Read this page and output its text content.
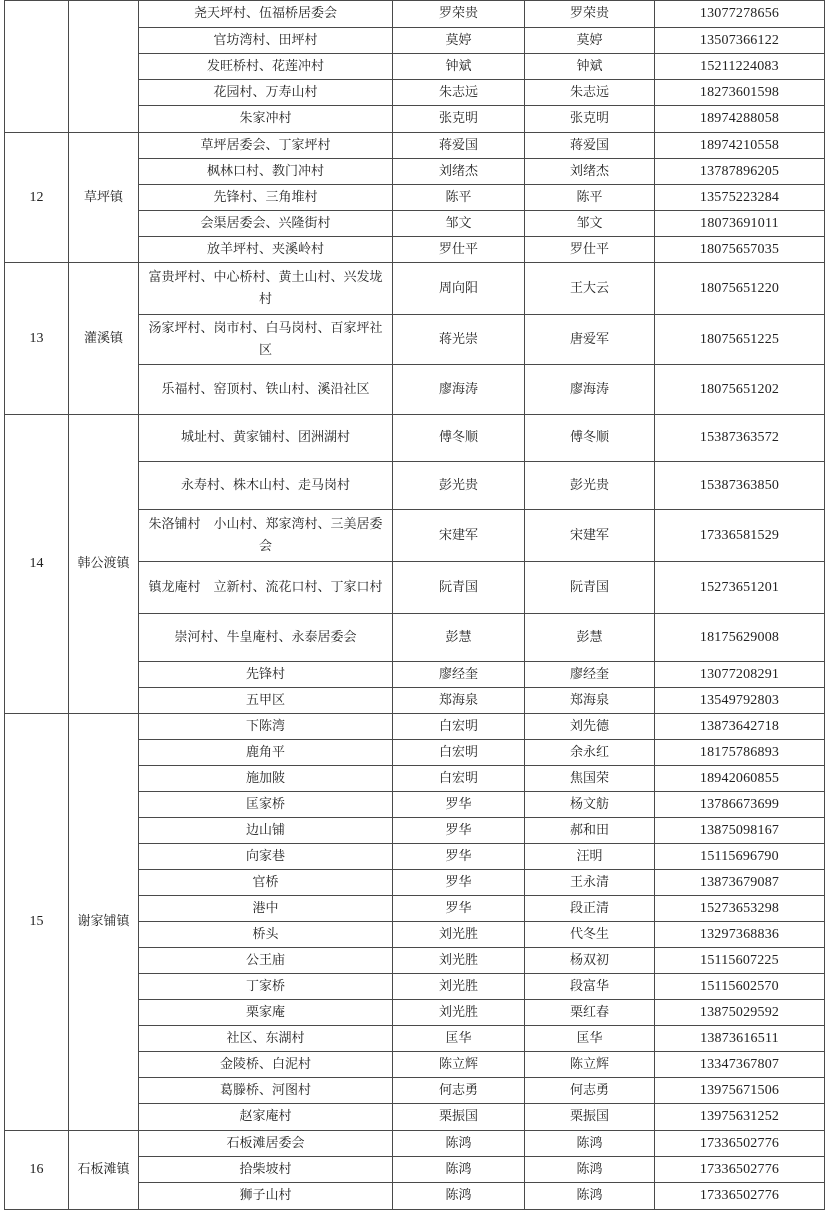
		尧天坪村、伍福桥居委会	罗荣贵	罗荣贵	13077278656
		官坊湾村、田坪村	莫婷	莫婷	13507366122
		发旺桥村、花莲冲村	钟斌	钟斌	15211224083
		花园村、万寿山村	朱志远	朱志远	18273601598
		朱家冲村	张克明	张克明	18974288058
12	草坪镇	草坪居委会、丁家坪村	蒋爱国	蒋爱国	18974210558
		枫林口村、教门冲村	刘绪杰	刘绪杰	13787896205
		先锋村、三角堆村	陈平	陈平	13575223284
		会渠居委会、兴隆街村	邹文	邹文	18073691011
		放羊坪村、夹溪岭村	罗仕平	罗仕平	18075657035
13	灌溪镇	富贵坪村、中心桥村、黄土山村、兴发垅村	周向阳	王大云	18075651220
		汤家坪村、岗市村、白马岗村、百家坪社区	蒋光崇	唐爱军	18075651225
		乐福村、窑顶村、铁山村、溪沿社区	廖海涛	廖海涛	18075651202
14	韩公渡镇	城址村、黄家铺村、团洲湖村	傅冬顺	傅冬顺	15387363572
		永寿村、株木山村、走马岗村	彭光贵	彭光贵	15387363850
		朱洛铺村　小山村、郑家湾村、三美居委会	宋建军	宋建军	17336581529
		镇龙庵村　立新村、流花口村、丁家口村	阮青国	阮青国	15273651201
		崇河村、牛皇庵村、永泰居委会	彭慧	彭慧	18175629008
		先锋村	廖经奎	廖经奎	13077208291
		五甲区	郑海泉	郑海泉	13549792803
15	谢家铺镇	下陈湾	白宏明	刘先德	13873642718
		鹿角平	白宏明	余永红	18175786893
		施加陂	白宏明	焦国荣	18942060855
		匡家桥	罗华	杨文舫	13786673699
		边山铺	罗华	郝和田	13875098167
		向家巷	罗华	汪明	15115696790
		官桥	罗华	王永清	13873679087
		港中	罗华	段正清	15273653298
		桥头	刘光胜	代冬生	13297368836
		公王庙	刘光胜	杨双初	15115607225
		丁家桥	刘光胜	段富华	15115602570
		栗家庵	刘光胜	栗红春	13875029592
		社区、东湖村	匡华	匡华	13873616511
		金陵桥、白泥村	陈立辉	陈立辉	13347367807
		葛滕桥、河图村	何志勇	何志勇	13975671506
		赵家庵村	栗振国	栗振国	13975631252
16	石板滩镇	石板滩居委会	陈鸿	陈鸿	17336502776
		拾柴坡村	陈鸿	陈鸿	17336502776
		狮子山村	陈鸿	陈鸿	17336502776
